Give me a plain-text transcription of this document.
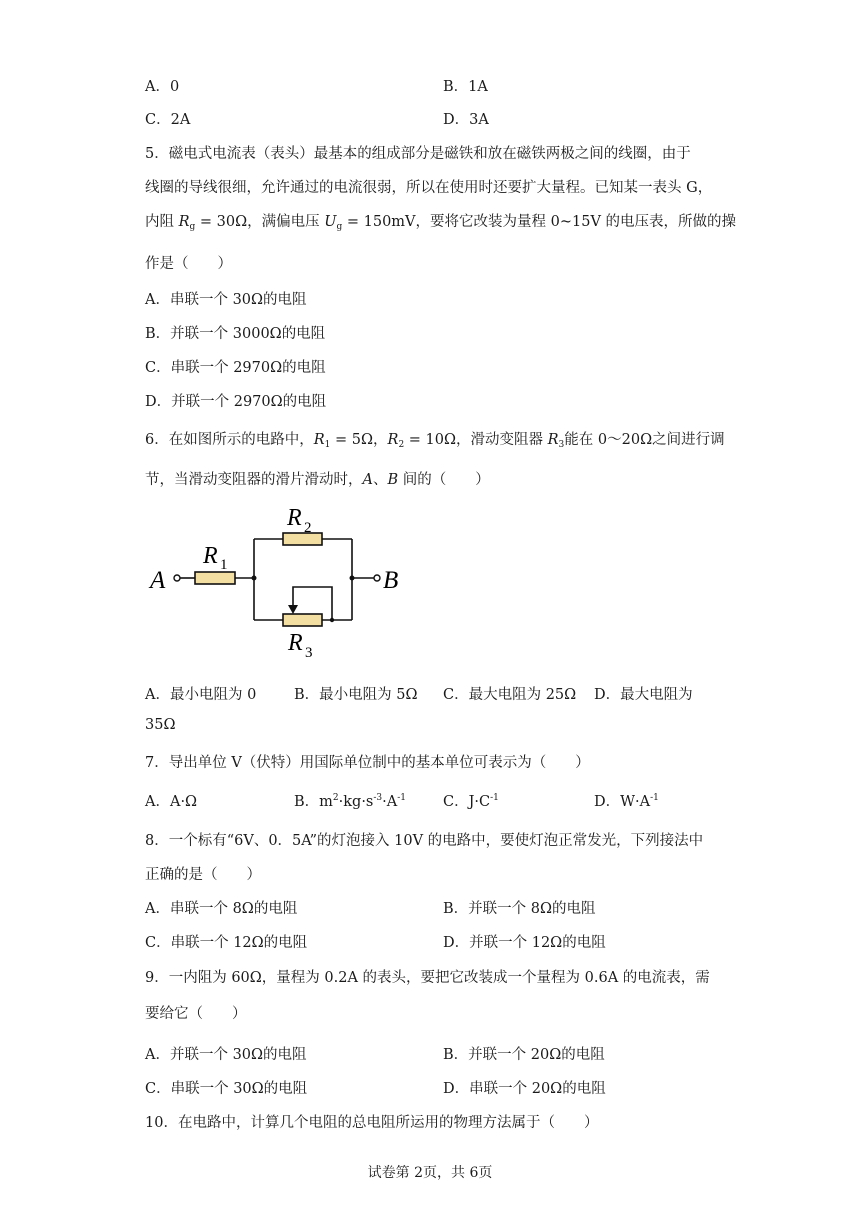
A．0	B．1A
C．2A	D．3A
5．磁电式电流表（表头）最基本的组成部分是磁铁和放在磁铁两极之间的线圈，由于
线圈的导线很细，允许通过的电流很弱，所以在使用时还要扩大量程。已知某一表头 G，
内阻 $R_g = 30\Omega$，满偏电压 $U_g = 150mV$，要将它改装为量程 0~15V 的电压表，所做的操
作是（　　）
A．串联一个 30Ω的电阻
B．并联一个 3000Ω的电阻
C．串联一个 2970Ω的电阻
D．并联一个 2970Ω的电阻
6．在如图所示的电路中，$R_1 = 5\Omega$，$R_2 = 10\Omega$，滑动变阻器 $R_3$能在 0～20Ω之间进行调
节，当滑动变阻器的滑片滑动时，A、B 间的（　　）
A	B
R 1
R 2
R 3
A．最小电阻为 0	B．最小电阻为 5Ω C．最大电阻为 25Ω D．最大电阻为
35Ω
7．导出单位 V（伏特）用国际单位制中的基本单位可表示为（　　）
A．A·Ω	B．$m^2\cdot kg\cdot s^{-3}\cdot A^{-1}$	C．$J\cdot C^{-1}$	D．$W\cdot A^{-1}$
8．一个标有“6V、0．5A”的灯泡接入 10V 的电路中，要使灯泡正常发光，下列接法中
正确的是（　　）
A．串联一个 8Ω的电阻	B．并联一个 8Ω的电阻
C．串联一个 12Ω的电阻	D．并联一个 12Ω的电阻
9．一内阻为 60Ω，量程为 0.2A 的表头，要把它改装成一个量程为 0.6A 的电流表，需
要给它（　　）
A．并联一个 30Ω的电阻	B．并联一个 20Ω的电阻
C．串联一个 30Ω的电阻	D．串联一个 20Ω的电阻
10．在电路中，计算几个电阻的总电阻所运用的物理方法属于（　　）
试卷第 2页，共 6页
